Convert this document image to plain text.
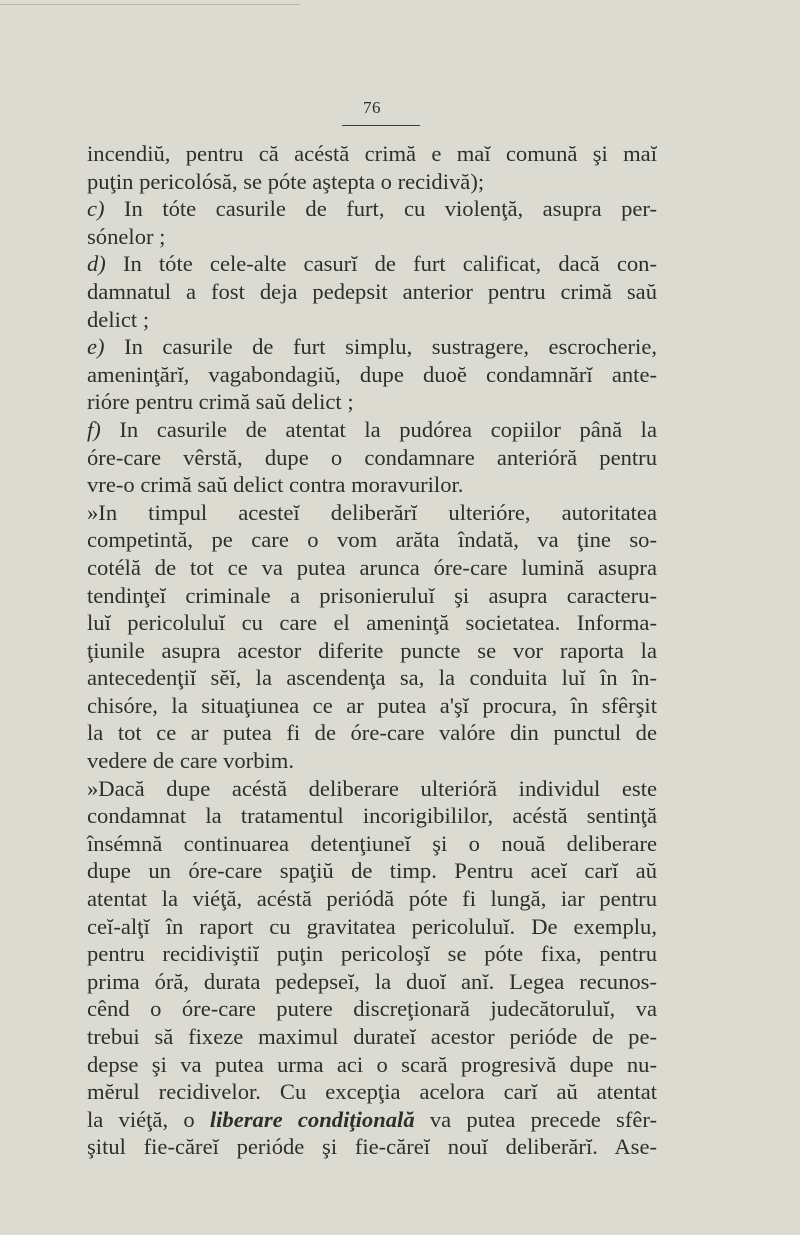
76
incendiŭ, pentru că acéstă crimă e maĭ comună şi maĭ
puţin pericolósă, se póte aştepta o recidivă);
c) In tóte casurile de furt, cu violenţă, asupra per-
sónelor ;
d) In tóte cele-alte casurĭ de furt calificat, dacă con-
damnatul a fost deja pedepsit anterior pentru crimă saŭ
delict ;
e) In casurile de furt simplu, sustragere, escrocherie,
ameninţărĭ, vagabondagiŭ, dupe duoĕ condamnărĭ ante-
rióre pentru crimă saŭ delict ;
f) In casurile de atentat la pudórea copiilor până la
óre-care vêrstă, dupe o condamnare anterióră pentru
vre-o crimă saŭ delict contra moravurilor.
»In timpul acesteĭ deliberărĭ ulterióre, autoritatea
competintă, pe care o vom arăta îndată, va ţine so-
cotélă de tot ce va putea arunca óre-care lumină asupra
tendinţeĭ criminale a prisonieruluĭ şi asupra caracteru-
luĭ pericoluluĭ cu care el ameninţă societatea. Informa-
ţiunile asupra acestor diferite puncte se vor raporta la
antecedenţiĭ sĕĭ, la ascendenţa sa, la conduita luĭ în în-
chisóre, la situaţiunea ce ar putea a'şĭ procura, în sfêrşit
la tot ce ar putea fi de óre-care valóre din punctul de
vedere de care vorbim.
»Dacă dupe acéstă deliberare ulterióră individul este
condamnat la tratamentul incorigibililor, acéstă sentinţă
însémnă continuarea detenţiuneĭ şi o nouă deliberare
dupe un óre-care spaţiŭ de timp. Pentru aceĭ carĭ aŭ
atentat la viéţă, acéstă periódă póte fi lungă, iar pentru
ceĭ-alţĭ în raport cu gravitatea pericoluluĭ. De exemplu,
pentru recidiviştiĭ puţin pericoloşĭ se póte fixa, pentru
prima óră, durata pedepseĭ, la duoĭ anĭ. Legea recunos-
cênd o óre-care putere discreţionară judecătoruluĭ, va
trebui să fixeze maximul durateĭ acestor periódе de pe-
depse şi va putea urma aci o scară progresivă dupe nu-
mĕrul recidivelor. Cu excepţia acelora carĭ aŭ atentat
la viéţă, o liberare condiţională va putea precede sfêr-
şitul fie-căreĭ periódе şi fie-căreĭ nouĭ deliberărĭ. Ase-
